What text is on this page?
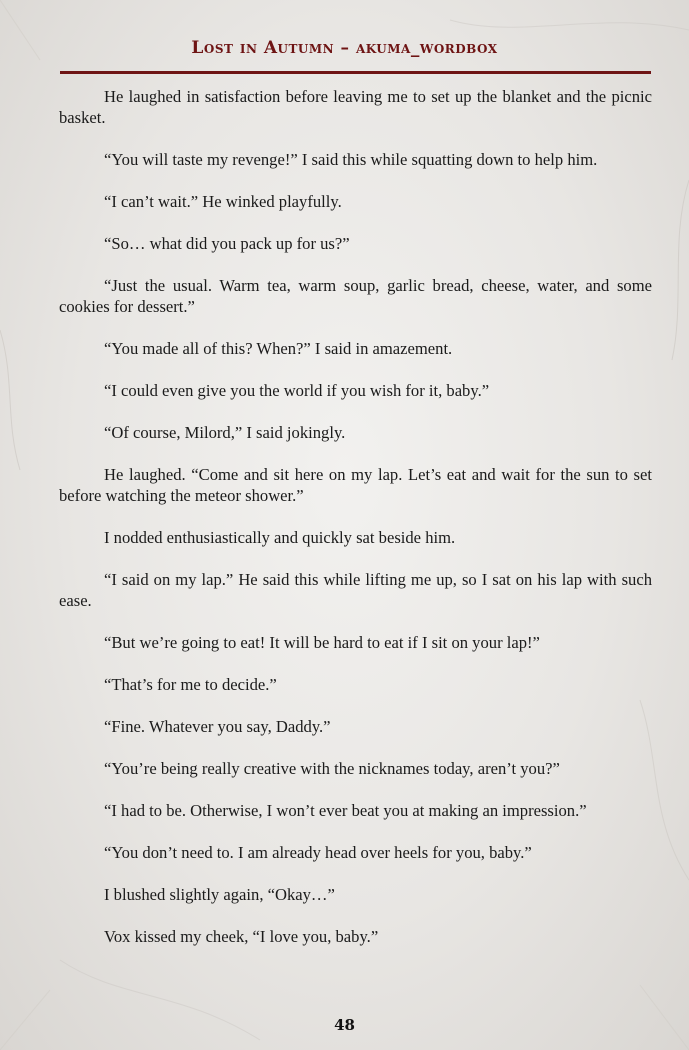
Lost in Autumn – akuma_wordbox

He laughed in satisfaction before leaving me to set up the blanket and the picnic basket.

“You will taste my revenge!” I said this while squatting down to help him.

“I can’t wait.” He winked playfully.

“So… what did you pack up for us?”

“Just the usual. Warm tea, warm soup, garlic bread, cheese, water, and some cookies for dessert.”

“You made all of this? When?” I said in amazement.

“I could even give you the world if you wish for it, baby.”

“Of course, Milord,” I said jokingly.

He laughed. “Come and sit here on my lap. Let’s eat and wait for the sun to set before watching the meteor shower.”

I nodded enthusiastically and quickly sat beside him.

“I said on my lap.” He said this while lifting me up, so I sat on his lap with such ease.

“But we’re going to eat! It will be hard to eat if I sit on your lap!”

“That’s for me to decide.”

“Fine. Whatever you say, Daddy.”

“You’re being really creative with the nicknames today, aren’t you?”

“I had to be. Otherwise, I won’t ever beat you at making an impression.”

“You don’t need to. I am already head over heels for you, baby.”

I blushed slightly again, “Okay…”

Vox kissed my cheek, “I love you, baby.”

48
